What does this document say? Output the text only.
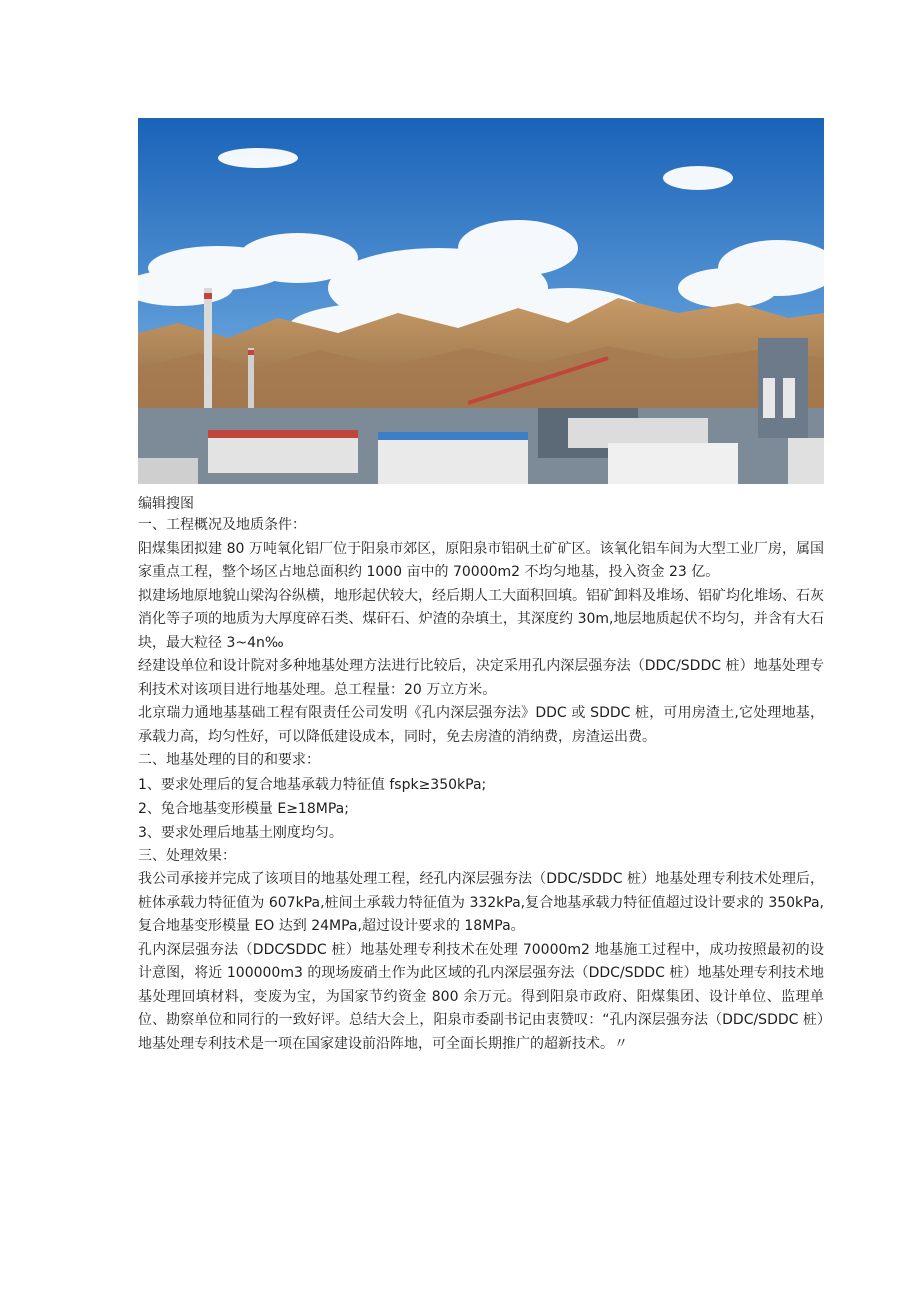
编辑搜图

一、工程概况及地质条件：

阳煤集团拟建 80 万吨氧化铝厂位于阳泉市郊区，原阳泉市铝矾土矿矿区。该氧化铝车间为大型工业厂房，属国家重点工程，整个场区占地总面积约 1000 亩中的 70000m2 不均匀地基，投入资金 23 亿。

拟建场地原地貌山梁沟谷纵横，地形起伏较大，经后期人工大面积回填。铝矿卸料及堆场、铝矿均化堆场、石灰消化等子项的地质为大厚度碎石类、煤矸石、炉渣的杂填土，其深度约 30m,地层地质起伏不均匀，并含有大石块，最大粒径 3~4n‰

经建设单位和设计院对多种地基处理方法进行比较后，决定采用孔内深层强夯法（DDC/SDDC 桩）地基处理专利技术对该项目进行地基处理。总工程量：20 万立方米。

北京瑞力通地基基础工程有限责任公司发明《孔内深层强夯法》DDC 或 SDDC 桩，可用房渣土,它处理地基，承载力高，均匀性好，可以降低建设成本，同时，免去房渣的消纳费，房渣运出费。

二、地基处理的目的和要求：

1、要求处理后的复合地基承载力特征值 fspk≥350kPa;

2、兔合地基变形模量 E≥18MPa;

3、要求处理后地基土刚度均匀。

三、处理效果：

我公司承接并完成了该项目的地基处理工程，经孔内深层强夯法（DDC/SDDC 桩）地基处理专利技术处理后，桩体承载力特征值为 607kPa,桩间土承载力特征值为 332kPa,复合地基承载力特征值超过设计要求的 350kPa,复合地基变形模量 EO 达到 24MPa,超过设计要求的 18MPa。

孔内深层强夯法（DDC⁄SDDC 桩）地基处理专利技术在处理 70000m2 地基施工过程中，成功按照最初的设计意图，将近 100000m3 的现场废硝土作为此区域的孔内深层强夯法（DDC/SDDC 桩）地基处理专利技术地基处理回填材料，变废为宝，为国家节约资金 800 余万元。得到阳泉市政府、阳煤集团、设计单位、监理单位、勘察单位和同行的一致好评。总结大会上，阳泉市委副书记由衷赞叹：“孔内深层强夯法（DDC/SDDC 桩）地基处理专利技术是一项在国家建设前沿阵地，可全面长期推广的超新技术。〃
